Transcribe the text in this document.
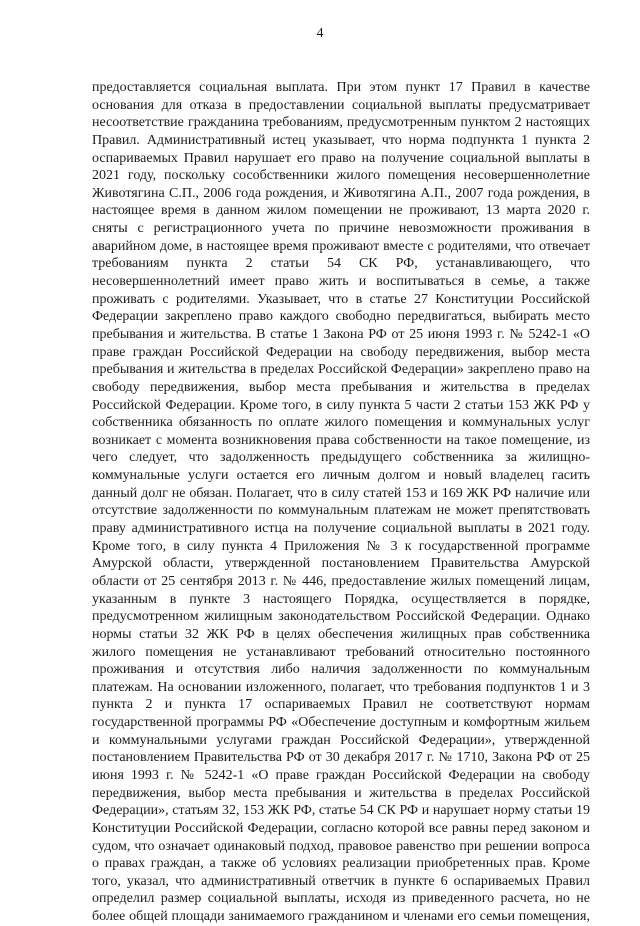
4
предоставляется социальная выплата. При этом пункт 17 Правил в качестве
основания для отказа в предоставлении социальной выплаты предусматривает
несоответствие гражданина требованиям, предусмотренным пунктом 2 настоящих
Правил. Административный истец указывает, что норма подпункта 1 пункта 2
оспариваемых Правил нарушает его право на получение социальной выплаты в
2021 году, поскольку сособственники жилого помещения несовершеннолетние
Животягина С.П., 2006 года рождения, и Животягина А.П., 2007 года рождения, в
настоящее время в данном жилом помещении не проживают, 13 марта 2020 г.
сняты с регистрационного учета по причине невозможности проживания в
аварийном доме, в настоящее время проживают вместе с родителями, что отвечает
требованиям пункта 2 статьи 54 СК РФ, устанавливающего, что
несовершеннолетний имеет право жить и воспитываться в семье, а также
проживать с родителями. Указывает, что в статье 27 Конституции Российской
Федерации закреплено право каждого свободно передвигаться, выбирать место
пребывания и жительства. В статье 1 Закона РФ от 25 июня 1993 г. № 5242-1 «О
праве граждан Российской Федерации на свободу передвижения, выбор места
пребывания и жительства в пределах Российской Федерации» закреплено право на
свободу передвижения, выбор места пребывания и жительства в пределах
Российской Федерации. Кроме того, в силу пункта 5 части 2 статьи 153 ЖК РФ у
собственника обязанность по оплате жилого помещения и коммунальных услуг
возникает с момента возникновения права собственности на такое помещение, из
чего следует, что задолженность предыдущего собственника за жилищно-
коммунальные услуги остается его личным долгом и новый владелец гасить
данный долг не обязан. Полагает, что в силу статей 153 и 169 ЖК РФ наличие или
отсутствие задолженности по коммунальным платежам не может препятствовать
праву административного истца на получение социальной выплаты в 2021 году.
Кроме того, в силу пункта 4 Приложения № 3 к государственной программе
Амурской области, утвержденной постановлением Правительства Амурской
области от 25 сентября 2013 г. № 446, предоставление жилых помещений лицам,
указанным в пункте 3 настоящего Порядка, осуществляется в порядке,
предусмотренном жилищным законодательством Российской Федерации. Однако
нормы статьи 32 ЖК РФ в целях обеспечения жилищных прав собственника
жилого помещения не устанавливают требований относительно постоянного
проживания и отсутствия либо наличия задолженности по коммунальным
платежам. На основании изложенного, полагает, что требования подпунктов 1 и 3
пункта 2 и пункта 17 оспариваемых Правил не соответствуют нормам
государственной программы РФ «Обеспечение доступным и комфортным жильем
и коммунальными услугами граждан Российской Федерации», утвержденной
постановлением Правительства РФ от 30 декабря 2017 г. № 1710, Закона РФ от 25
июня 1993 г. № 5242-1 «О праве граждан Российской Федерации на свободу
передвижения, выбор места пребывания и жительства в пределах Российской
Федерации», статьям 32, 153 ЖК РФ, статье 54 СК РФ и нарушает норму статьи 19
Конституции Российской Федерации, согласно которой все равны перед законом и
судом, что означает одинаковый подход, правовое равенство при решении вопроса
о правах граждан, а также об условиях реализации приобретенных прав. Кроме
того, указал, что административный ответчик в пункте 6 оспариваемых Правил
определил размер социальной выплаты, исходя из приведенного расчета, но не
более общей площади занимаемого гражданином и членами его семьи помещения,
